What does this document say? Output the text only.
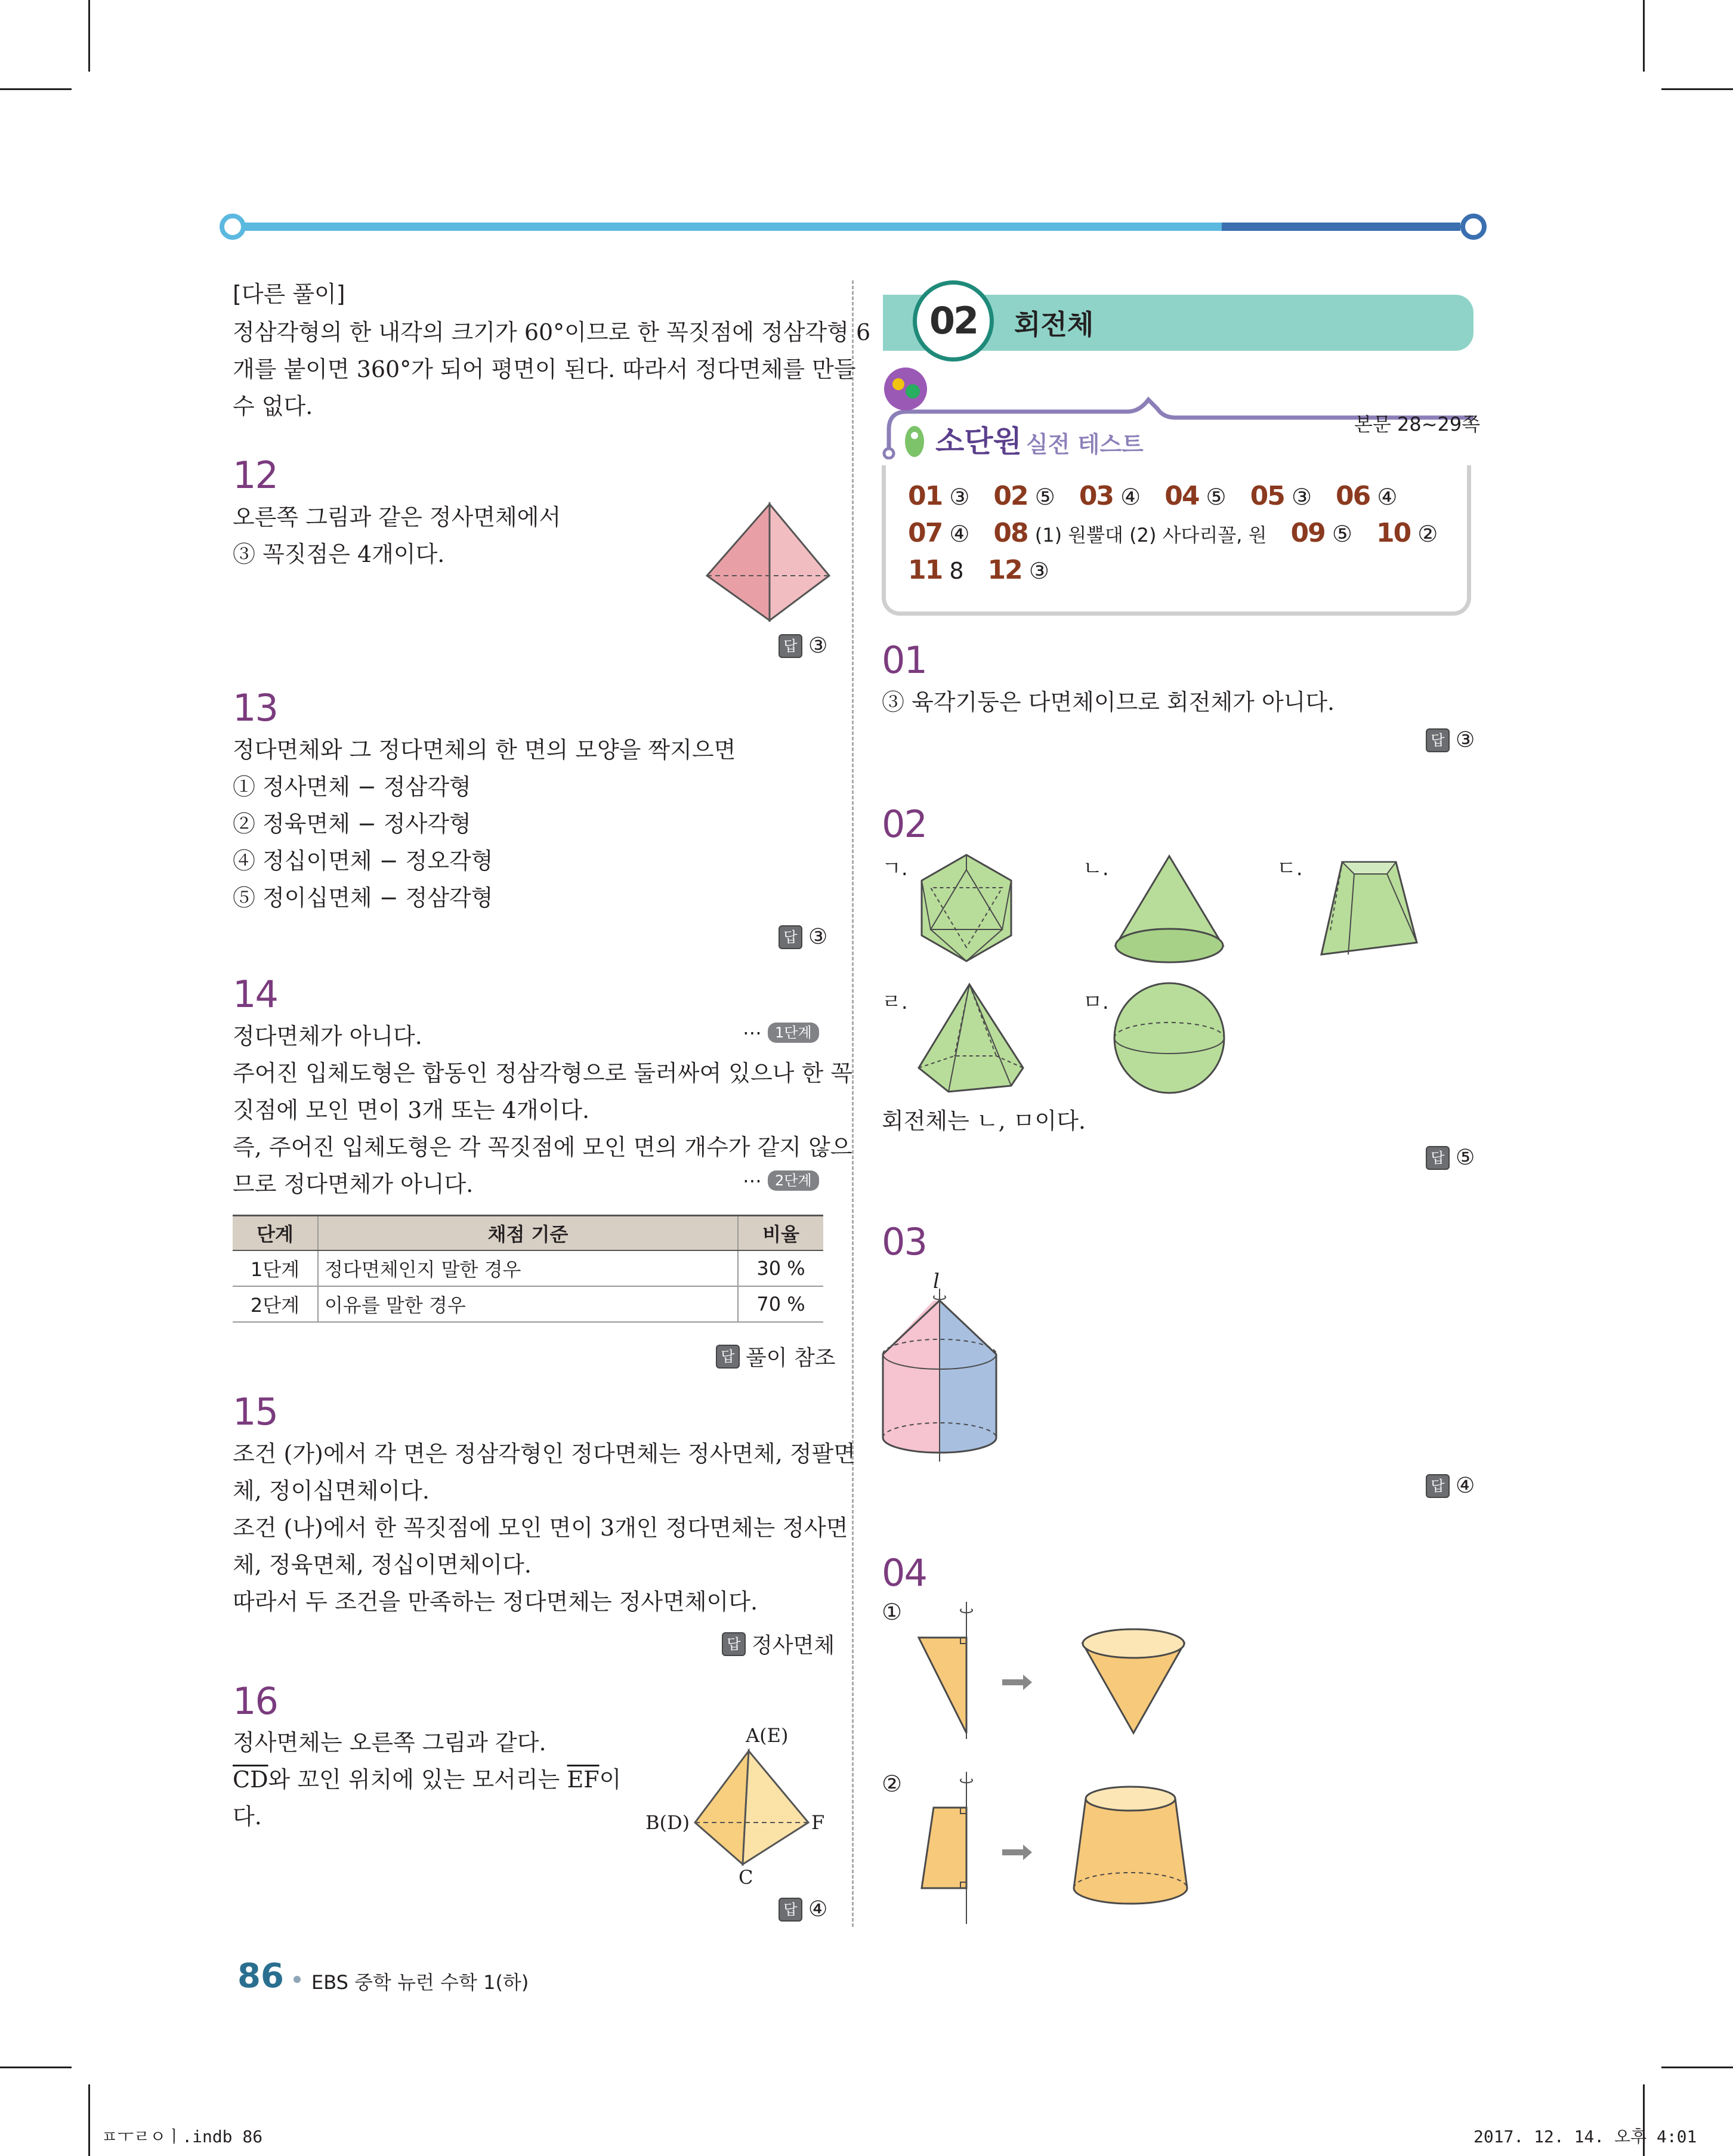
[다른 풀이]
정삼각형의 한 내각의 크기가 60°이므로 한 꼭짓점에 정삼각형 6
개를 붙이면 360°가 되어 평면이 된다. 따라서 정다면체를 만들
수 없다.
12
오른쪽 그림과 같은 정사면체에서
③ 꼭짓점은 4개이다.
답 ③
13
정다면체와 그 정다면체의 한 면의 모양을 짝지으면
① 정사면체 − 정삼각형
② 정육면체 − 정사각형
④ 정십이면체 − 정오각형
⑤ 정이십면체 − 정삼각형
답 ③
14
정다면체가 아니다.	⋯ 1단계
주어진 입체도형은 합동인 정삼각형으로 둘러싸여 있으나 한 꼭
짓점에 모인 면이 3개 또는 4개이다.
즉, 주어진 입체도형은 각 꼭짓점에 모인 면의 개수가 같지 않으
므로 정다면체가 아니다.	⋯ 2단계
단계	채점 기준	비율
1단계	정다면체인지 말한 경우	30 %
2단계	이유를 말한 경우	70 %
답 풀이 참조
15
조건 (가)에서 각 면은 정삼각형인 정다면체는 정사면체, 정팔면
체, 정이십면체이다.
조건 (나)에서 한 꼭짓점에 모인 면이 3개인 정다면체는 정사면
체, 정육면체, 정십이면체이다.
따라서 두 조건을 만족하는 정다면체는 정사면체이다.
답 정사면체
16
정사면체는 오른쪽 그림과 같다.
$\overline{CD}$와 꼬인 위치에 있는 모서리는 $\overline{EF}$이
다.
A(E)
B(D)	F
C
답 ④
02	회전체
소단원 실전 테스트
본문 28~29쪽
01 ③ 02 ⑤ 03 ④ 04 ⑤ 05 ③ 06 ④
07 ④ 08 (1) 원뿔대 (2) 사다리꼴, 원 09 ⑤ 10 ②
11 8 12 ③
01
③ 육각기둥은 다면체이므로 회전체가 아니다.
답 ③
02
ㄱ.	ㄴ.	ㄷ.
ㄹ.	ㅁ.
회전체는 ㄴ, ㅁ이다.
답 ⑤
03
l
답 ④
04
①
②
86 EBS 중학 뉴런 수학 1(하)
ㅍㅜㄹㅇㅣ.indb 86	2017. 12. 14. 오후 4:01
